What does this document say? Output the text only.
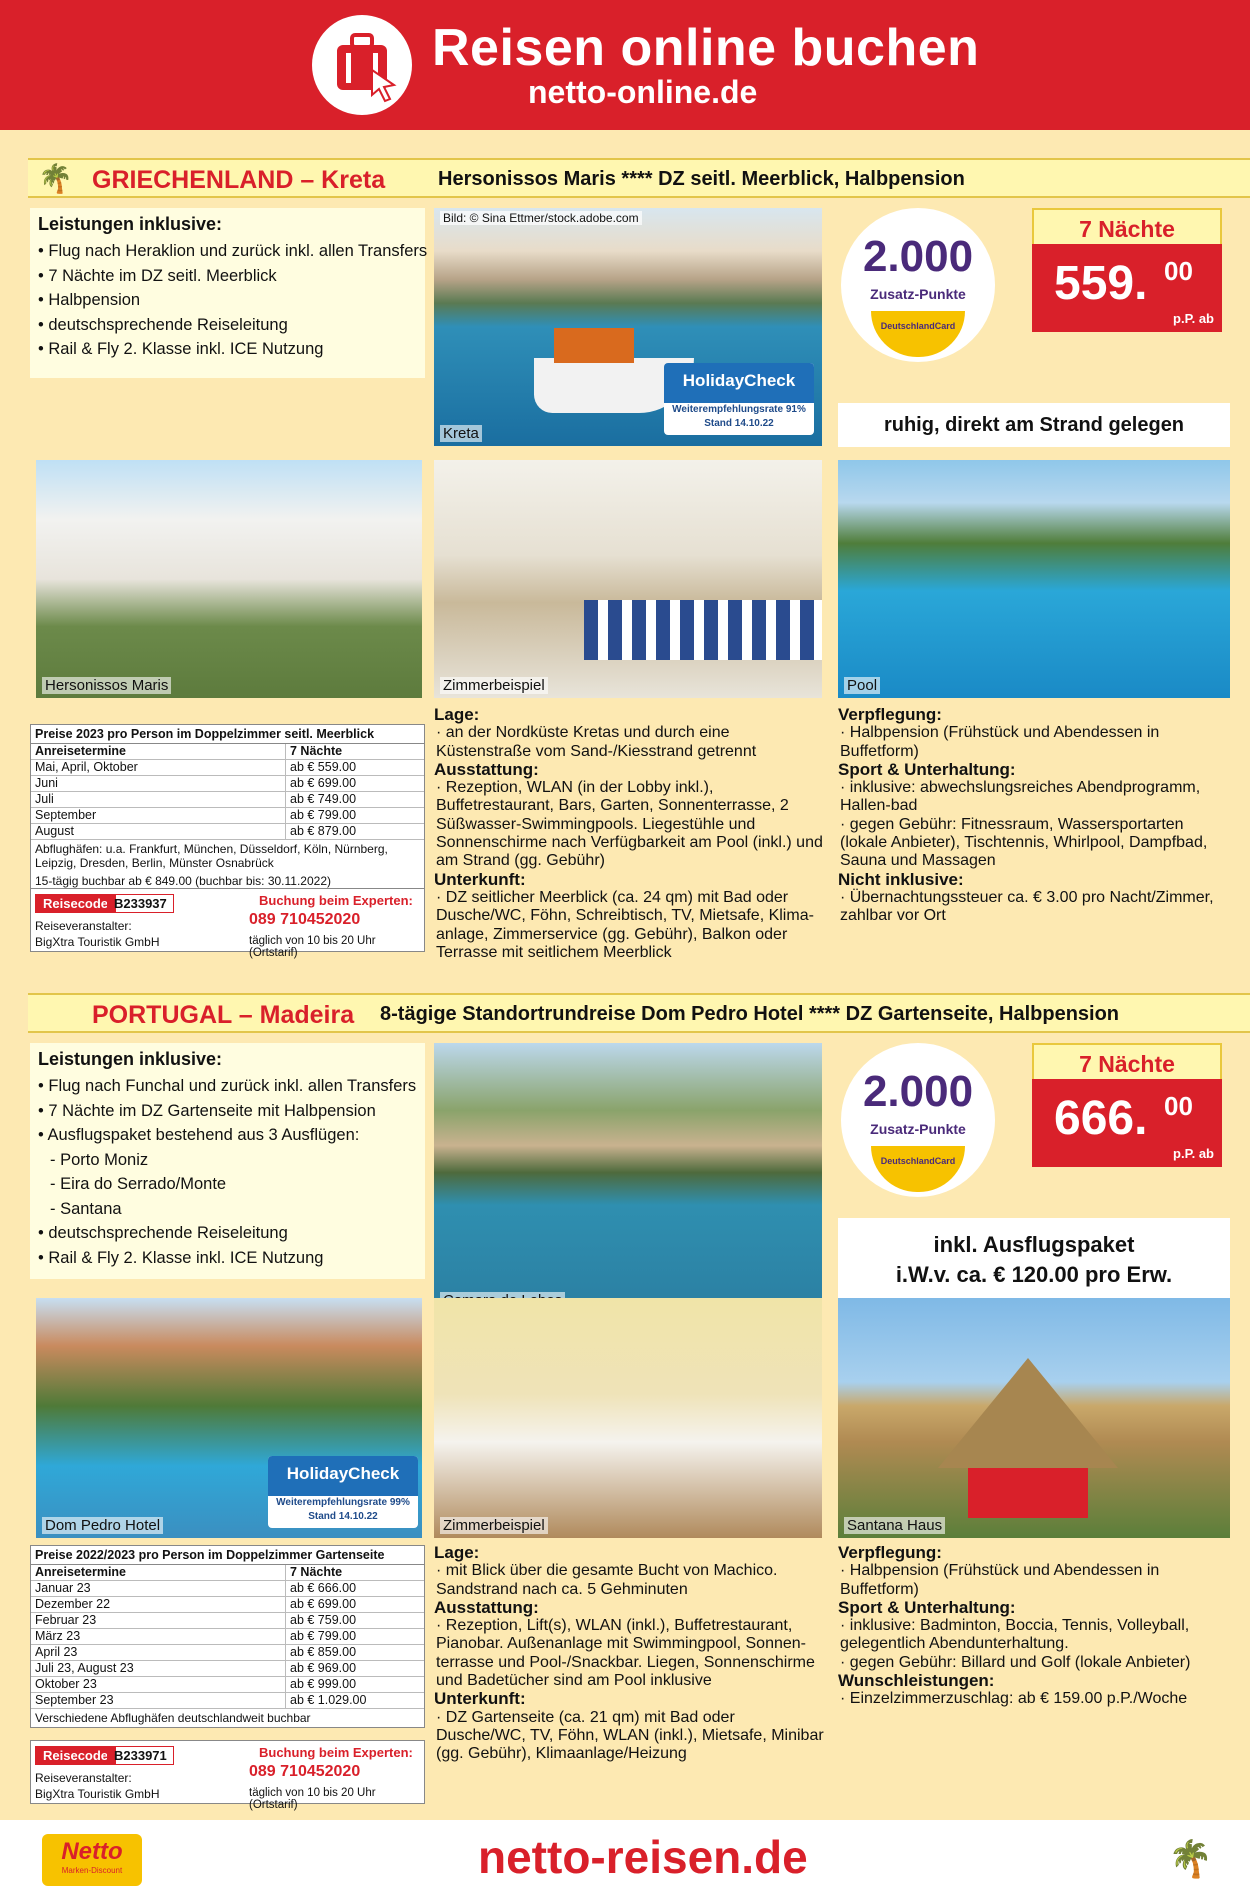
Reisen online buchen
netto-online.de
🌴 GRIECHENLAND – Kreta	Hersonissos Maris **** DZ seitl. Meerblick, Halbpension
Leistungen inklusive:
• Flug nach Heraklion und zurück inkl. allen Transfers
• 7 Nächte im DZ seitl. Meerblick
• Halbpension
• deutschsprechende Reiseleitung
• Rail & Fly 2. Klasse inkl. ICE Nutzung
Bild: © Sina Ettmer/stock.adobe.com
HolidayCheck
Weiterempfehlungsrate 91%
Stand 14.10.22
Kreta
2.000
Zusatz-Punkte
DeutschlandCard
7 Nächte
559. 00
p.P. ab
ruhig, direkt am Strand gelegen
Hersonissos Maris	Zimmerbeispiel	Pool
Preise 2023 pro Person im Doppelzimmer seitl. Meerblick
Anreisetermine	7 Nächte
Mai, April, Oktober	ab € 559.00
Juni	ab € 699.00
Juli	ab € 749.00
September	ab € 799.00
August	ab € 879.00
Abflughäfen: u.a. Frankfurt, München, Düsseldorf, Köln, Nürnberg, Leipzig, Dresden, Berlin, Münster Osnabrück
15-tägig buchbar ab € 849.00 (buchbar bis: 30.11.2022)
Reisecode B233937	Buchung beim Experten:
089 710452020
Reiseveranstalter:
BigXtra Touristik GmbH	täglich von 10 bis 20 Uhr (Ortstarif)
Lage:

· an der Nordküste Kretas und durch eine Küstenstraße vom Sand-/Kiesstrand getrennt

Ausstattung:

· Rezeption, WLAN (in der Lobby inkl.), Buffetrestaurant, Bars, Garten, Sonnenterrasse, 2 Süßwasser-Swimmingpools. Liegestühle und Sonnenschirme nach Verfügbarkeit am Pool (inkl.) und am Strand (gg. Gebühr)

Unterkunft:

· DZ seitlicher Meerblick (ca. 24 qm) mit Bad oder Dusche/WC, Föhn, Schreibtisch, TV, Mietsafe, Klima-anlage, Zimmerservice (gg. Gebühr), Balkon oder Terrasse mit seitlichem Meerblick

Verpflegung:

· Halbpension (Frühstück und Abendessen in Buffetform)

Sport & Unterhaltung:

· inklusive: abwechslungsreiches Abendprogramm, Hallen-bad

· gegen Gebühr: Fitnessraum, Wassersportarten (lokale Anbieter), Tischtennis, Whirlpool, Dampfbad, Sauna und Massagen

Nicht inklusive:

· Übernachtungssteuer ca. € 3.00 pro Nacht/Zimmer, zahlbar vor Ort

PORTUGAL – Madeira 8-tägige Standortrundreise Dom Pedro Hotel **** DZ Gartenseite, Halbpension
Leistungen inklusive:
• Flug nach Funchal und zurück inkl. allen Transfers
• 7 Nächte im DZ Gartenseite mit Halbpension
• Ausflugspaket bestehend aus 3 Ausflügen:
- Porto Moniz
- Eira do Serrado/Monte
- Santana
• deutschsprechende Reiseleitung
• Rail & Fly 2. Klasse inkl. ICE Nutzung
2.000
Zusatz-Punkte
DeutschlandCard
7 Nächte
666. 00
p.P. ab
inkl. Ausflugspaket
i.W.v. ca. € 120.00 pro Erw.
HolidayCheck
Weiterempfehlungsrate 99%
Stand 14.10.22
Dom Pedro Hotel	Zimmerbeispiel	Santana Haus
Preise 2022/2023 pro Person im Doppelzimmer Gartenseite
Anreisetermine	7 Nächte
Januar 23	ab € 666.00
Dezember 22	ab € 699.00
Februar 23	ab € 759.00
März 23	ab € 799.00
April 23	ab € 859.00
Juli 23, August 23	ab € 969.00
Oktober 23	ab € 999.00
September 23	ab € 1.029.00
Verschiedene Abflughäfen deutschlandweit buchbar
Reisecode B233971	Buchung beim Experten:
089 710452020
Reiseveranstalter:
BigXtra Touristik GmbH	täglich von 10 bis 20 Uhr (Ortstarif)
Lage:

· mit Blick über die gesamte Bucht von Machico. Sandstrand nach ca. 5 Gehminuten

Ausstattung:

· Rezeption, Lift(s), WLAN (inkl.), Buffetrestaurant, Pianobar. Außenanlage mit Swimmingpool, Sonnen-terrasse und Pool-/Snackbar. Liegen, Sonnenschirme und Badetücher sind am Pool inklusive

Unterkunft:

· DZ Gartenseite (ca. 21 qm) mit Bad oder Dusche/WC, TV, Föhn, WLAN (inkl.), Mietsafe, Minibar (gg. Gebühr), Klimaanlage/Heizung

Verpflegung:

· Halbpension (Frühstück und Abendessen in Buffetform)

Sport & Unterhaltung:

· inklusive: Badminton, Boccia, Tennis, Volleyball, gelegentlich Abendunterhaltung.

· gegen Gebühr: Billard und Golf (lokale Anbieter)

Wunschleistungen:

· Einzelzimmerzuschlag: ab € 159.00 p.P./Woche

Netto
Marken-Discount	netto-reisen.de	🌴
